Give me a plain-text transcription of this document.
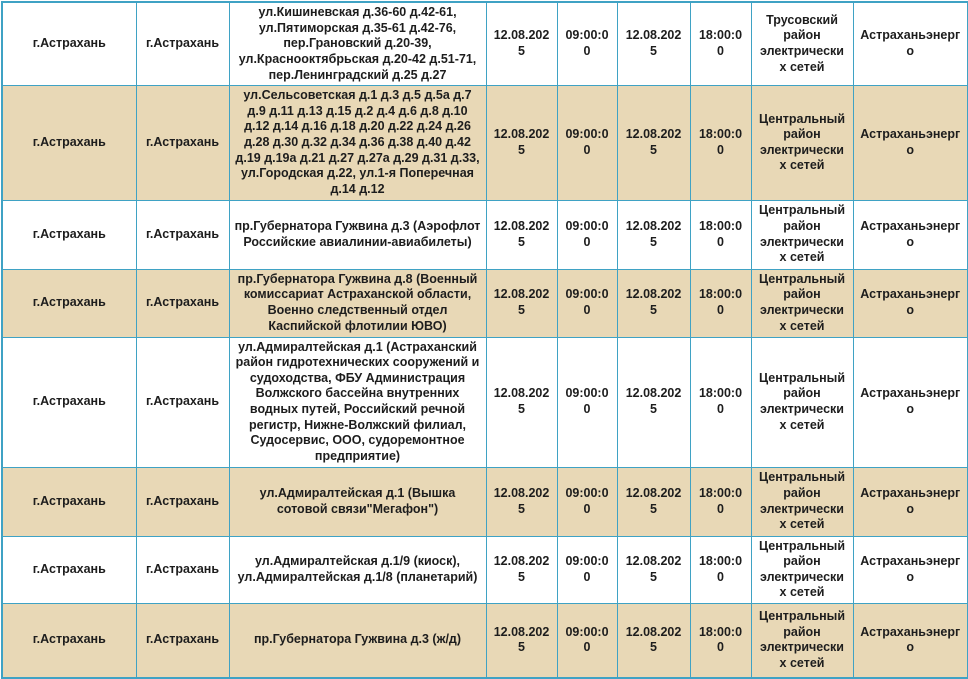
г.Астрахань	г.Астрахань	ул.Кишиневская д.36-60 д.42-61, ул.Пятиморская д.35-61 д.42-76, пер.Грановский д.20-39, ул.Краснооктябрьская д.20-42 д.51-71, пер.Ленинградский д.25 д.27	12.08.2025	09:00:00	12.08.2025	18:00:00	Трусовский район электрических сетей	Астраханьэнерго
г.Астрахань	г.Астрахань	ул.Сельсоветская д.1 д.3 д.5 д.5а д.7 д.9 д.11 д.13 д.15 д.2 д.4 д.6 д.8 д.10 д.12 д.14 д.16 д.18 д.20 д.22 д.24 д.26 д.28 д.30 д.32 д.34 д.36 д.38 д.40 д.42 д.19 д.19а д.21 д.27 д.27а д.29 д.31 д.33, ул.Городская д.22, ул.1-я Поперечная д.14 д.12	12.08.2025	09:00:00	12.08.2025	18:00:00	Центральный район электрических сетей	Астраханьэнерго
г.Астрахань	г.Астрахань	пр.Губернатора Гужвина д.3 (Аэрофлот Российские авиалинии-авиабилеты)	12.08.2025	09:00:00	12.08.2025	18:00:00	Центральный район электрических сетей	Астраханьэнерго
г.Астрахань	г.Астрахань	пр.Губернатора Гужвина д.8 (Военный комиссариат Астраханской области, Военно следственный отдел Каспийской флотилии ЮВО)	12.08.2025	09:00:00	12.08.2025	18:00:00	Центральный район электрических сетей	Астраханьэнерго
г.Астрахань	г.Астрахань	ул.Адмиралтейская д.1 (Астраханский район гидротехнических сооружений и судоходства, ФБУ Администрация Волжского бассейна внутренних водных путей, Российский речной регистр, Нижне-Волжский филиал, Судосервис, ООО, судоремонтное предприятие)	12.08.2025	09:00:00	12.08.2025	18:00:00	Центральный район электрических сетей	Астраханьэнерго
г.Астрахань	г.Астрахань	ул.Адмиралтейская д.1 (Вышка сотовой связи"Мегафон")	12.08.2025	09:00:00	12.08.2025	18:00:00	Центральный район электрических сетей	Астраханьэнерго
г.Астрахань	г.Астрахань	ул.Адмиралтейская д.1/9 (киоск), ул.Адмиралтейская д.1/8 (планетарий)	12.08.2025	09:00:00	12.08.2025	18:00:00	Центральный район электрических сетей	Астраханьэнерго
г.Астрахань	г.Астрахань	пр.Губернатора Гужвина д.3 (ж/д)	12.08.2025	09:00:00	12.08.2025	18:00:00	Центральный район электрических сетей	Астраханьэнерго
